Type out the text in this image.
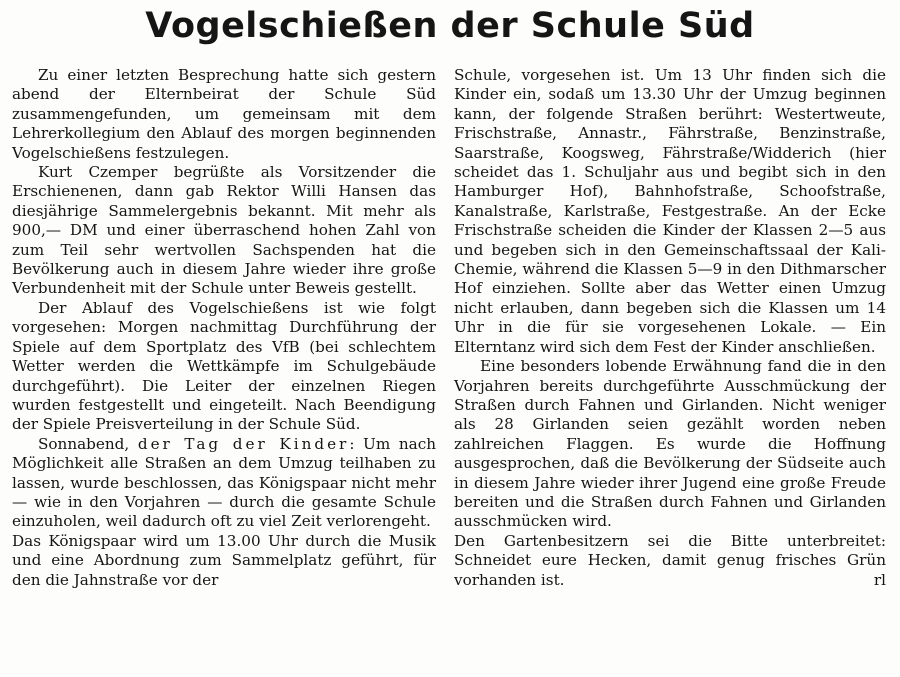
Vogelschießen der Schule Süd

Zu einer letzten Besprechung hatte sich gestern abend der Elternbeirat der Schule Süd zusammengefunden, um gemeinsam mit dem Lehrerkollegium den Ablauf des morgen beginnenden Vogelschießens festzulegen.

Kurt Czemper begrüßte als Vorsitzender die Erschienenen, dann gab Rektor Willi Hansen das diesjährige Sammelergebnis bekannt. Mit mehr als 900,— DM und einer überraschend hohen Zahl von zum Teil sehr wertvollen Sachspenden hat die Bevölkerung auch in diesem Jahre wieder ihre große Verbundenheit mit der Schule unter Beweis gestellt.

Der Ablauf des Vogelschießens ist wie folgt vorgesehen: Morgen nachmittag Durchführung der Spiele auf dem Sportplatz des VfB (bei schlechtem Wetter werden die Wettkämpfe im Schulgebäude durchgeführt). Die Leiter der einzelnen Riegen wurden festgestellt und eingeteilt. Nach Beendigung der Spiele Preisverteilung in der Schule Süd.

Sonnabend, der Tag der Kinder: Um nach Möglichkeit alle Straßen an dem Umzug teilhaben zu lassen, wurde beschlossen, das Königspaar nicht mehr — wie in den Vorjahren — durch die gesamte Schule einzuholen, weil dadurch oft zu viel Zeit verlorengeht.

Das Königspaar wird um 13.00 Uhr durch die Musik und eine Abordnung zum Sammelplatz geführt, für den die Jahnstraße vor der

Schule, vorgesehen ist. Um 13 Uhr finden sich die Kinder ein, sodaß um 13.30 Uhr der Umzug beginnen kann, der folgende Straßen berührt: Westertweute, Frischstraße, Annastr., Fährstraße, Benzinstraße, Saarstraße, Koogsweg, Fährstraße/Widderich (hier scheidet das 1. Schuljahr aus und begibt sich in den Hamburger Hof), Bahnhofstraße, Schoofstraße, Kanalstraße, Karlstraße, Festgestraße. An der Ecke Frischstraße scheiden die Kinder der Klassen 2—5 aus und begeben sich in den Gemeinschaftssaal der Kali-Chemie, während die Klassen 5—9 in den Dithmarscher Hof einziehen. Sollte aber das Wetter einen Umzug nicht erlauben, dann begeben sich die Klassen um 14 Uhr in die für sie vorgesehenen Lokale. — Ein Elterntanz wird sich dem Fest der Kinder anschließen.

Eine besonders lobende Erwähnung fand die in den Vorjahren bereits durchgeführte Ausschmückung der Straßen durch Fahnen und Girlanden. Nicht weniger als 28 Girlanden seien gezählt worden neben zahlreichen Flaggen. Es wurde die Hoffnung ausgesprochen, daß die Bevölkerung der Südseite auch in diesem Jahre wieder ihrer Jugend eine große Freude bereiten und die Straßen durch Fahnen und Girlanden ausschmücken wird.

Den Gartenbesitzern sei die Bitte unterbreitet: Schneidet eure Hecken, damit genug frisches Grün vorhanden ist.	rl
